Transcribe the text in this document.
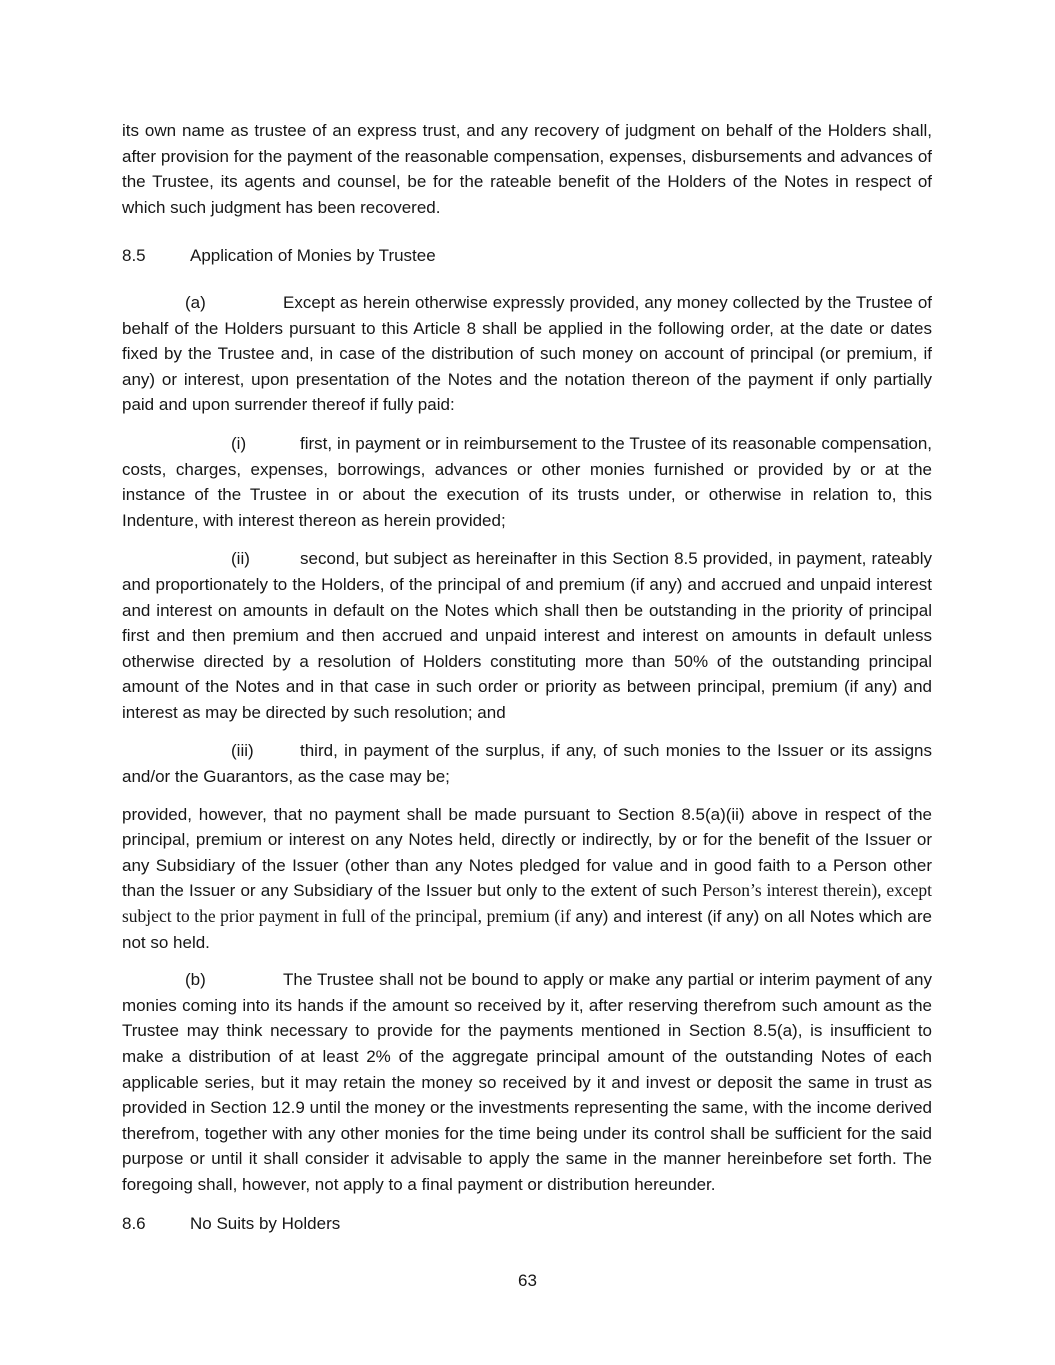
its own name as trustee of an express trust, and any recovery of judgment on behalf of the Holders shall, after provision for the payment of the reasonable compensation, expenses, disbursements and advances of the Trustee, its agents and counsel, be for the rateable benefit of the Holders of the Notes in respect of which such judgment has been recovered.

8.5	Application of Monies by Trustee

(a)	Except as herein otherwise expressly provided, any money collected by the Trustee of behalf of the Holders pursuant to this Article 8 shall be applied in the following order, at the date or dates fixed by the Trustee and, in case of the distribution of such money on account of principal (or premium, if any) or interest, upon presentation of the Notes and the notation thereon of the payment if only partially paid and upon surrender thereof if fully paid:

(i)	first, in payment or in reimbursement to the Trustee of its reasonable compensation, costs, charges, expenses, borrowings, advances or other monies furnished or provided by or at the instance of the Trustee in or about the execution of its trusts under, or otherwise in relation to, this Indenture, with interest thereon as herein provided;

(ii)	second, but subject as hereinafter in this Section 8.5 provided, in payment, rateably and proportionately to the Holders, of the principal of and premium (if any) and accrued and unpaid interest and interest on amounts in default on the Notes which shall then be outstanding in the priority of principal first and then premium and then accrued and unpaid interest and interest on amounts in default unless otherwise directed by a resolution of Holders constituting more than 50% of the outstanding principal amount of the Notes and in that case in such order or priority as between principal, premium (if any) and interest as may be directed by such resolution; and

(iii)	third, in payment of the surplus, if any, of such monies to the Issuer or its assigns and/or the Guarantors, as the case may be;

provided, however, that no payment shall be made pursuant to Section 8.5(a)(ii) above in respect of the principal, premium or interest on any Notes held, directly or indirectly, by or for the benefit of the Issuer or any Subsidiary of the Issuer (other than any Notes pledged for value and in good faith to a Person other than the Issuer or any Subsidiary of the Issuer but only to the extent of such Person’s interest therein), except subject to the prior payment in full of the principal, premium (if any) and interest (if any) on all Notes which are not so held.

(b)	The Trustee shall not be bound to apply or make any partial or interim payment of any monies coming into its hands if the amount so received by it, after reserving therefrom such amount as the Trustee may think necessary to provide for the payments mentioned in Section 8.5(a), is insufficient to make a distribution of at least 2% of the aggregate principal amount of the outstanding Notes of each applicable series, but it may retain the money so received by it and invest or deposit the same in trust as provided in Section 12.9 until the money or the investments representing the same, with the income derived therefrom, together with any other monies for the time being under its control shall be sufficient for the said purpose or until it shall consider it advisable to apply the same in the manner hereinbefore set forth. The foregoing shall, however, not apply to a final payment or distribution hereunder.

8.6	No Suits by Holders

63
